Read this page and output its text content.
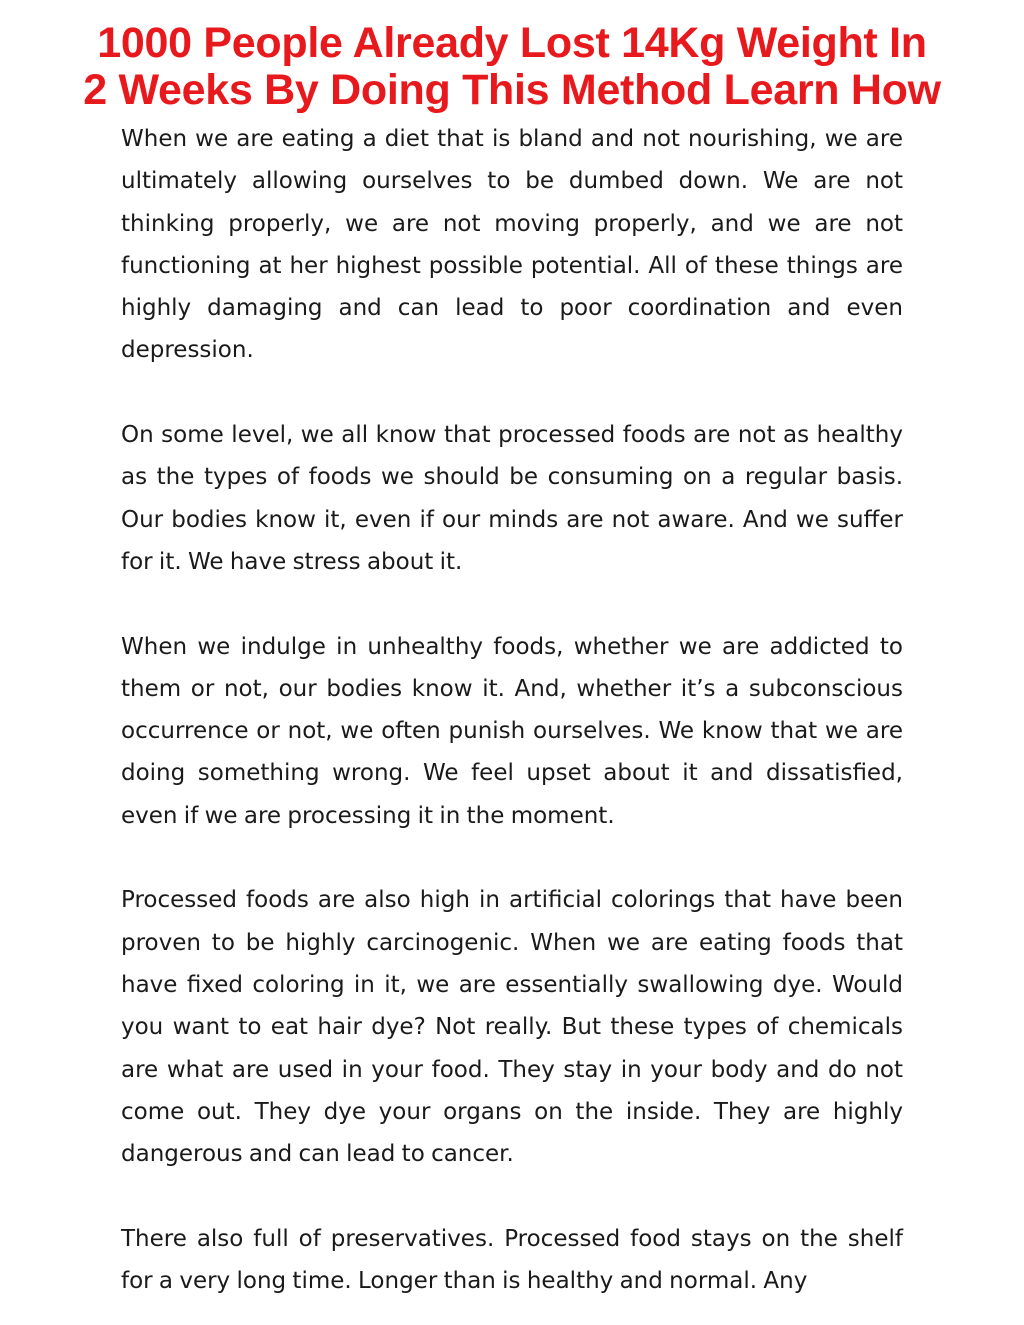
1000 People Already Lost 14Kg Weight In
2 Weeks By Doing This Method Learn How

When we are eating a diet that is bland and not nourishing, we are ultimately allowing ourselves to be dumbed down. We are not thinking properly, we are not moving properly, and we are not functioning at her highest possible potential. All of these things are highly damaging and can lead to poor coordination and even depression.

On some level, we all know that processed foods are not as healthy as the types of foods we should be consuming on a regular basis. Our bodies know it, even if our minds are not aware. And we suffer for it. We have stress about it.

When we indulge in unhealthy foods, whether we are addicted to them or not, our bodies know it. And, whether it’s a subconscious occurrence or not, we often punish ourselves. We know that we are doing something wrong. We feel upset about it and dissatisfied, even if we are processing it in the moment.

Processed foods are also high in artificial colorings that have been proven to be highly carcinogenic. When we are eating foods that have fixed coloring in it, we are essentially swallowing dye. Would you want to eat hair dye? Not really. But these types of chemicals are what are used in your food. They stay in your body and do not come out. They dye your organs on the inside. They are highly dangerous and can lead to cancer.

There also full of preservatives. Processed food stays on the shelf for a very long time. Longer than is healthy and normal. Any
